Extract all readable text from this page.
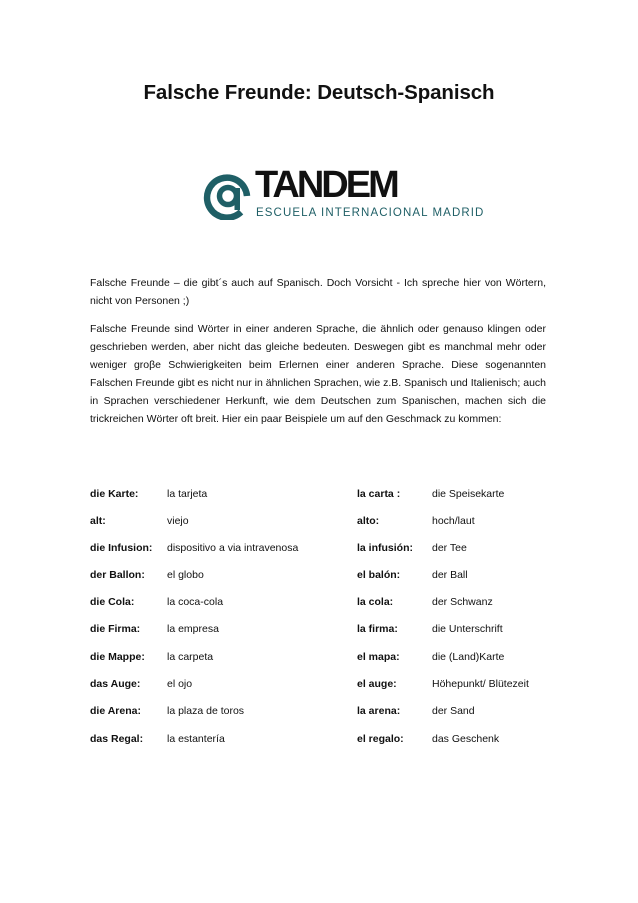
Falsche Freunde: Deutsch-Spanisch
TANDEM
ESCUELA INTERNACIONAL MADRID

Falsche Freunde – die gibt´s auch auf Spanisch. Doch Vorsicht - Ich spreche hier von Wörtern, nicht von Personen ;)

Falsche Freunde sind Wörter in einer anderen Sprache, die ähnlich oder genauso klingen oder geschrieben werden, aber nicht das gleiche bedeuten. Deswegen gibt es manchmal mehr oder weniger groβe Schwierigkeiten beim Erlernen einer anderen Sprache. Diese sogenannten Falschen Freunde gibt es nicht nur in ähnlichen Sprachen, wie z.B. Spanisch und Italienisch; auch in Sprachen verschiedener Herkunft, wie dem Deutschen zum Spanischen, machen sich die trickreichen Wörter oft breit. Hier ein paar Beispiele um auf den Geschmack zu kommen:

die Karte:	la tarjeta	la carta :	die Speisekarte
alt:	viejo	alto:	hoch/laut
die Infusion: dispositivo a via intravenosa	la infusión: der Tee
der Ballon: el globo	el balón:	der Ball
die Cola:	la coca-cola	la cola:	der Schwanz
die Firma:	la empresa	la firma:	die Unterschrift
die Mappe: la carpeta	el mapa:	die (Land)Karte
das Auge:	el ojo	el auge:	Höhepunkt/ Blütezeit
die Arena: la plaza de toros	la arena:	der Sand
das Regal: la estantería	el regalo:	das Geschenk
